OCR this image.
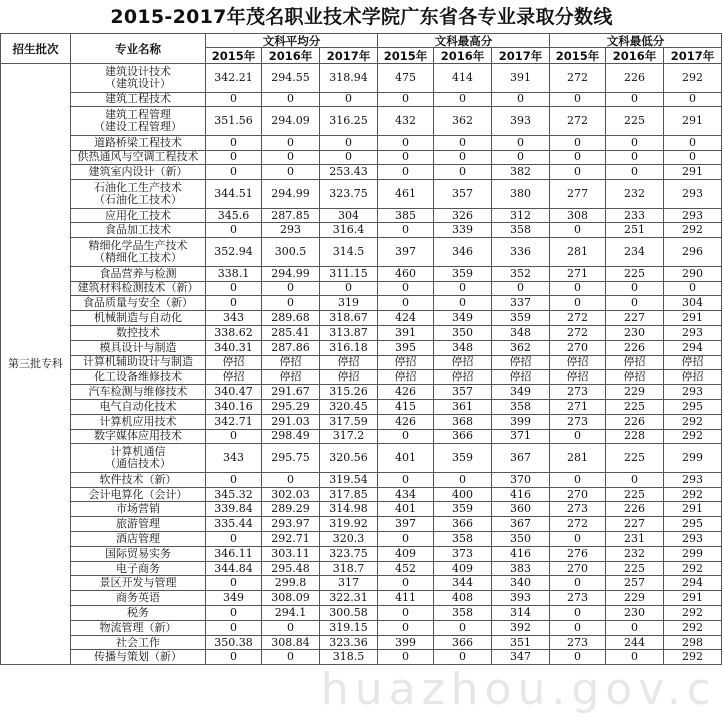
2015-2017年茂名职业技术学院广东省各专业录取分数线
招生批次	专业名称	文科平均分			文科最高分			文科最低分		
		2015年	2016年	2017年	2015年	2016年	2017年	2015年	2016年	2017年
第三批专科	建筑设计技术
（建筑设计）	342.21	294.55	318.94	475	414	391	272	226	292

	建筑工程技术	0	0	0	0	0	0	0	0	0

	建筑工程管理
（建设工程管理）	351.56	294.09	316.25	432	362	393	272	225	291

	道路桥梁工程技术	0	0	0	0	0	0	0	0	0

	供热通风与空调工程技术	0	0	0	0	0	0	0	0	0

	建筑室内设计（新）	0	0	253.43	0	0	382	0	0	291

	石油化工生产技术
（石油化工技术）	344.51	294.99	323.75	461	357	380	277	232	293

	应用化工技术	345.6	287.85	304	385	326	312	308	233	293

	食品加工技术	0	293	316.4	0	339	358	0	251	292

	精细化学品生产技术
（精细化工技术）	352.94	300.5	314.5	397	346	336	281	234	296

	食品营养与检测	338.1	294.99	311.15	460	359	352	271	225	290

	建筑材料检测技术（新）	0	0	0	0	0	0	0	0	0

	食品质量与安全（新）	0	0	319	0	0	337	0	0	304

	机械制造与自动化	343	289.68	318.67	424	349	359	272	227	291

	数控技术	338.62	285.41	313.87	391	350	348	272	230	293

	模具设计与制造	340.31	287.86	316.18	395	348	362	270	226	294

	计算机辅助设计与制造	停招	停招	停招	停招	停招	停招	停招	停招	停招

	化工设备维修技术	停招	停招	停招	停招	停招	停招	停招	停招	停招

	汽车检测与维修技术	340.47	291.67	315.26	426	357	349	273	229	293

	电气自动化技术	340.16	295.29	320.45	415	361	358	271	225	295

	计算机应用技术	342.71	291.03	317.59	426	368	399	273	226	292

	数字媒体应用技术	0	298.49	317.2	0	366	371	0	228	292

	计算机通信
（通信技术）	343	295.75	320.56	401	359	367	281	225	299

	软件技术（新）	0	0	319.54	0	0	370	0	0	293

	会计电算化（会计）	345.32	302.03	317.85	434	400	416	270	225	292

	市场营销	339.84	289.29	314.98	401	359	360	273	226	291

	旅游管理	335.44	293.97	319.92	397	366	367	272	227	295

	酒店管理	0	292.71	320.3	0	358	350	0	231	293

	国际贸易实务	346.11	303.11	323.75	409	373	416	276	232	299

	电子商务	344.84	295.48	318.7	452	409	383	270	225	292

	景区开发与管理	0	299.8	317	0	344	340	0	257	294

	商务英语	349	308.09	322.31	411	408	393	273	229	291

	税务	0	294.1	300.58	0	358	314	0	230	292

	物流管理（新）	0	0	319.15	0	0	392	0	0	292

	社会工作	350.38	308.84	323.36	399	366	351	273	244	298

	传播与策划（新）	0	0	318.5	0	0	347	0	0	292
huazhou.gov.c
